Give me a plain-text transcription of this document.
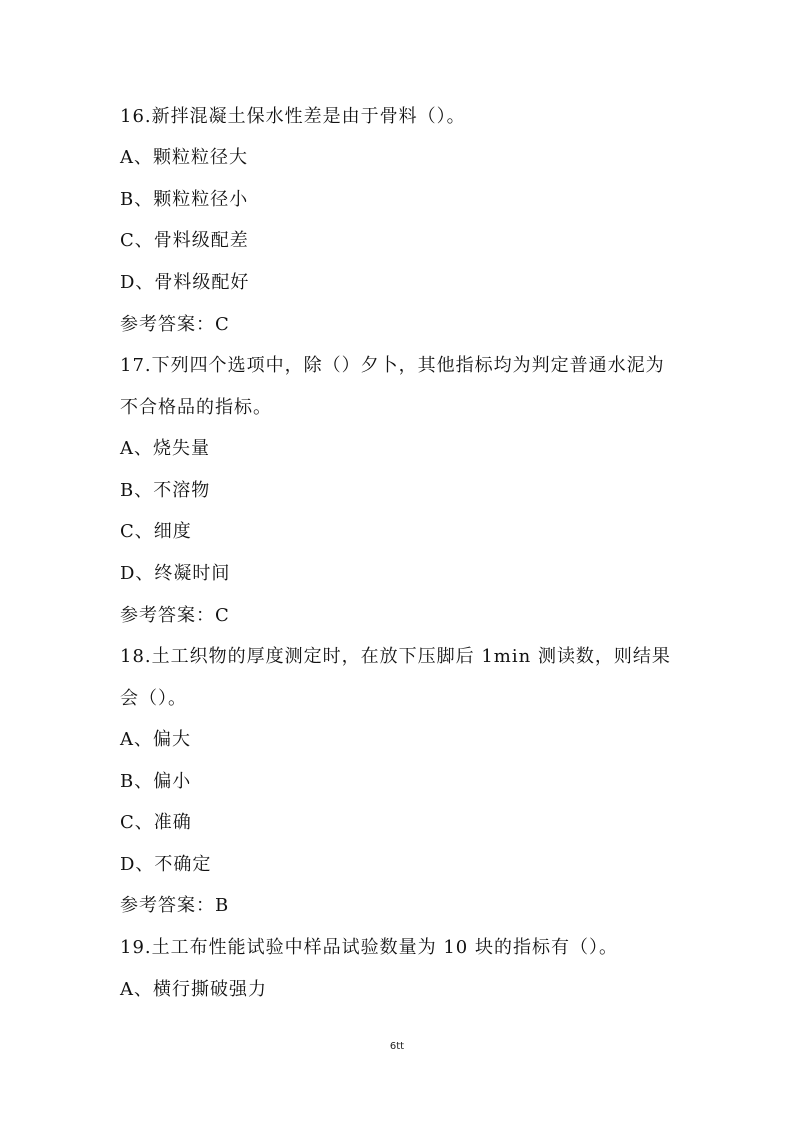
16.新拌混凝土保水性差是由于骨料（）。
A、颗粒粒径大
B、颗粒粒径小
C、骨料级配差
D、骨料级配好
参考答案：C
17.下列四个选项中，除（）夕卜，其他指标均为判定普通水泥为
不合格品的指标。
A、烧失量
B、不溶物
C、细度
D、终凝时间
参考答案：C
18.土工织物的厚度测定时，在放下压脚后 1min 测读数，则结果
会（）。
A、偏大
B、偏小
C、准确
D、不确定
参考答案：B
19.土工布性能试验中样品试验数量为 10 块的指标有（）。
A、横行撕破强力
6tt
